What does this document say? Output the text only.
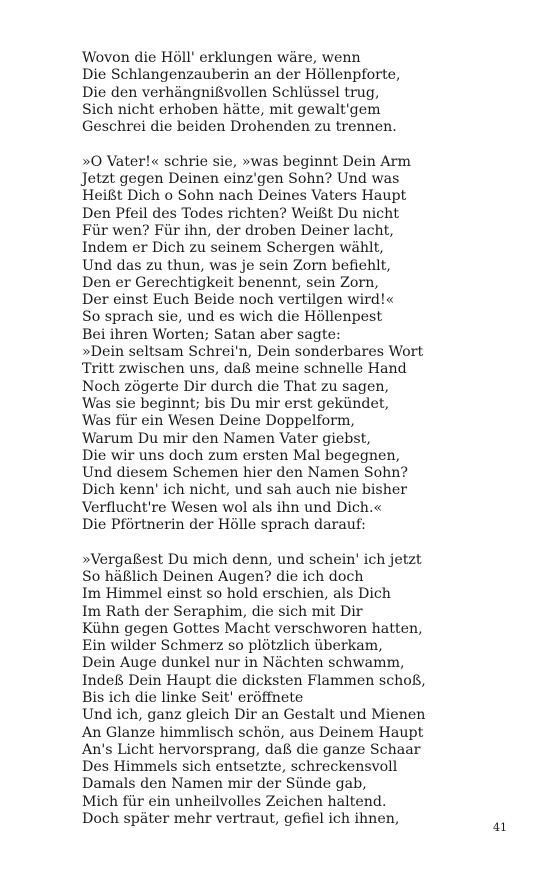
Wovon die Höll' erklungen wäre, wenn
Die Schlangenzauberin an der Höllenpforte,
Die den verhängnißvollen Schlüssel trug,
Sich nicht erhoben hätte, mit gewalt'gem
Geschrei die beiden Drohenden zu trennen.
»O Vater!« schrie sie, »was beginnt Dein Arm
Jetzt gegen Deinen einz'gen Sohn? Und was
Heißt Dich o Sohn nach Deines Vaters Haupt
Den Pfeil des Todes richten? Weißt Du nicht
Für wen? Für ihn, der droben Deiner lacht,
Indem er Dich zu seinem Schergen wählt,
Und das zu thun, was je sein Zorn befiehlt,
Den er Gerechtigkeit benennt, sein Zorn,
Der einst Euch Beide noch vertilgen wird!«
So sprach sie, und es wich die Höllenpest
Bei ihren Worten; Satan aber sagte:
»Dein seltsam Schrei'n, Dein sonderbares Wort
Tritt zwischen uns, daß meine schnelle Hand
Noch zögerte Dir durch die That zu sagen,
Was sie beginnt; bis Du mir erst gekündet,
Was für ein Wesen Deine Doppelform,
Warum Du mir den Namen Vater giebst,
Die wir uns doch zum ersten Mal begegnen,
Und diesem Schemen hier den Namen Sohn?
Dich kenn' ich nicht, und sah auch nie bisher
Verflucht're Wesen wol als ihn und Dich.«
Die Pförtnerin der Hölle sprach darauf:
»Vergaßest Du mich denn, und schein' ich jetzt
So häßlich Deinen Augen? die ich doch
Im Himmel einst so hold erschien, als Dich
Im Rath der Seraphim, die sich mit Dir
Kühn gegen Gottes Macht verschworen hatten,
Ein wilder Schmerz so plötzlich überkam,
Dein Auge dunkel nur in Nächten schwamm,
Indeß Dein Haupt die dicksten Flammen schoß,
Bis ich die linke Seit' eröffnete
Und ich, ganz gleich Dir an Gestalt und Mienen
An Glanze himmlisch schön, aus Deinem Haupt
An's Licht hervorsprang, daß die ganze Schaar
Des Himmels sich entsetzte, schreckensvoll
Damals den Namen mir der Sünde gab,
Mich für ein unheilvolles Zeichen haltend.
Doch später mehr vertraut, gefiel ich ihnen,
41
